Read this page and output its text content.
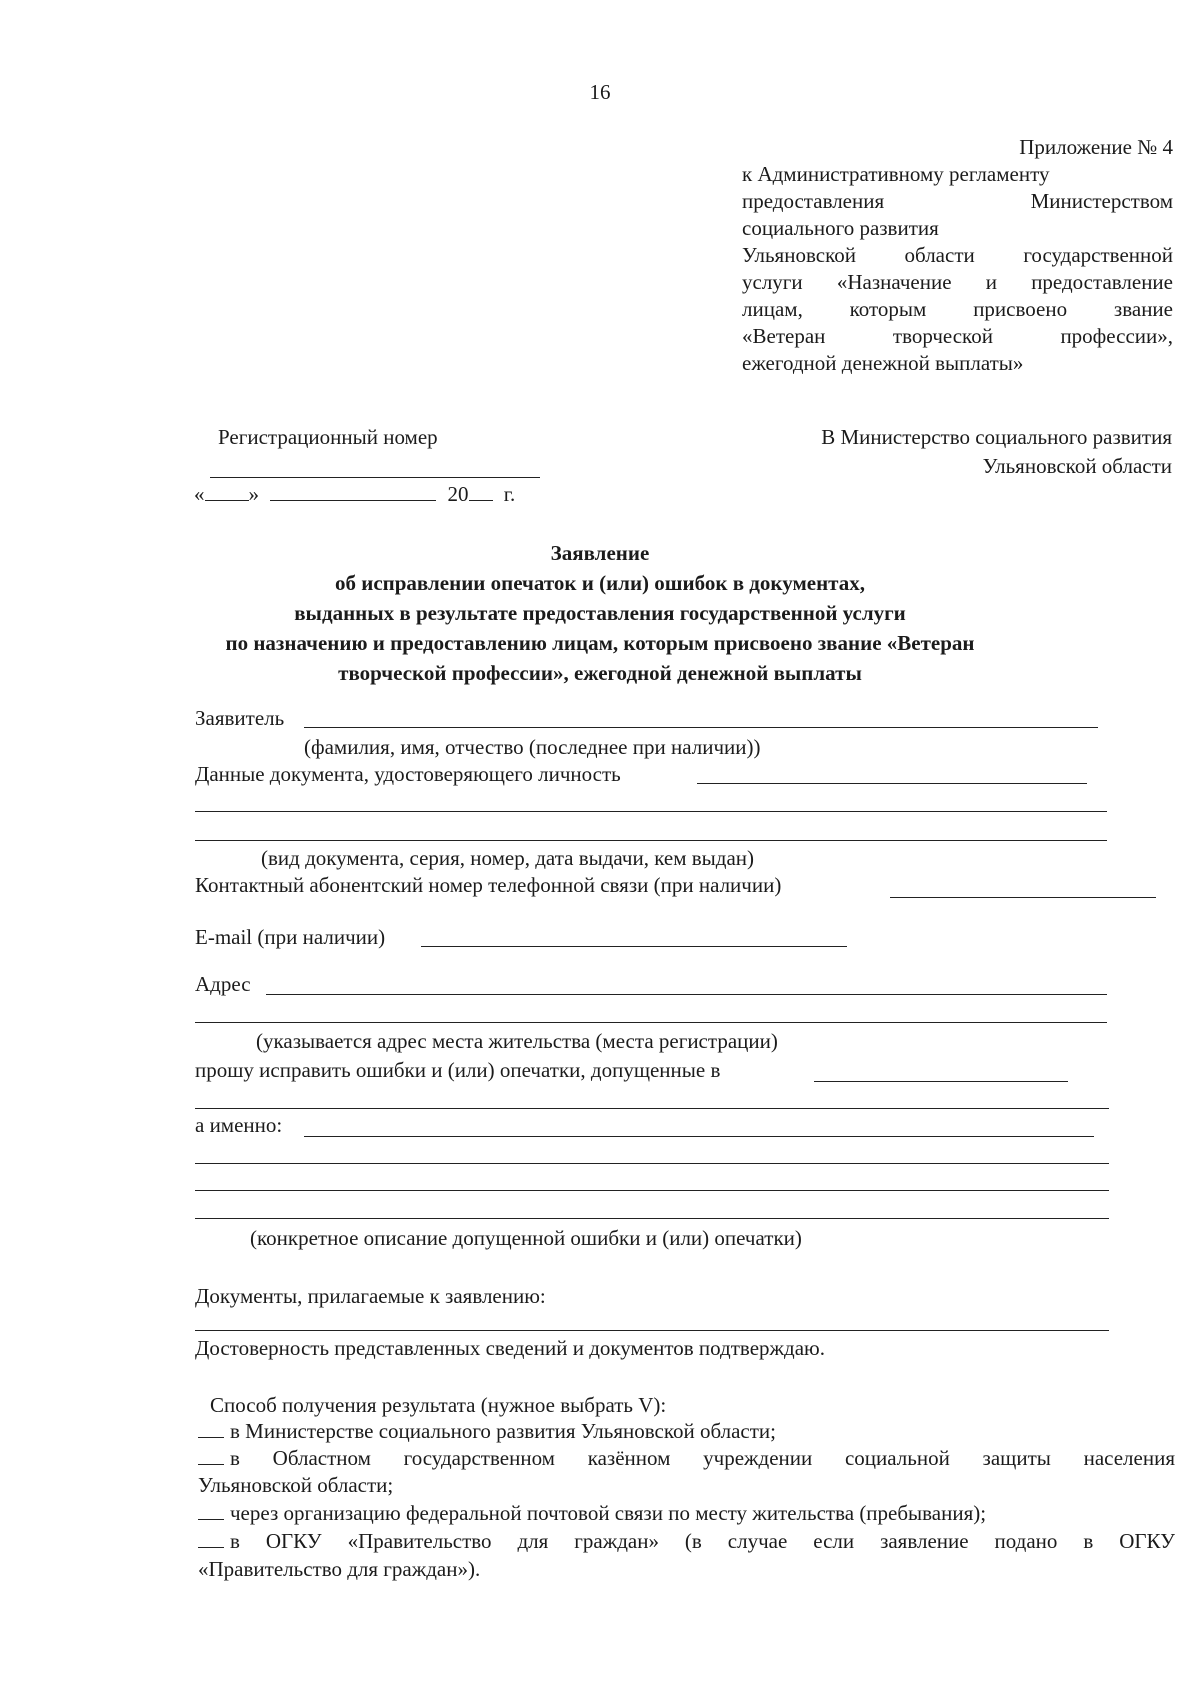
16
Приложение № 4
к Административному регламенту
предоставления Министерством
социального развития
Ульяновской области государственной
услуги «Назначение и предоставление
лицам, которым присвоено звание
«Ветеран творческой профессии»,
ежегодной денежной выплаты»
Регистрационный номер
« »	20 г.
В Министерство социального развития
Ульяновской области
Заявление
об исправлении опечаток и (или) ошибок в документах,
выданных в результате предоставления государственной услуги
по назначению и предоставлению лицам, которым присвоено звание «Ветеран
творческой профессии», ежегодной денежной выплаты
Заявитель
(фамилия, имя, отчество (последнее при наличии))
Данные документа, удостоверяющего личность
(вид документа, серия, номер, дата выдачи, кем выдан)
Контактный абонентский номер телефонной связи (при наличии)
E-mail (при наличии)
Адрес
(указывается адрес места жительства (места регистрации)
прошу исправить ошибки и (или) опечатки, допущенные в
а именно:
(конкретное описание допущенной ошибки и (или) опечатки)
Документы, прилагаемые к заявлению:
Достоверность представленных сведений и документов подтверждаю.
Способ получения результата (нужное выбрать V):
в Министерстве социального развития Ульяновской области;
в Областном государственном казённом учреждении социальной защиты населения
Ульяновской области;
через организацию федеральной почтовой связи по месту жительства (пребывания);
в ОГКУ «Правительство для граждан» (в случае если заявление подано в ОГКУ
«Правительство для граждан»).
